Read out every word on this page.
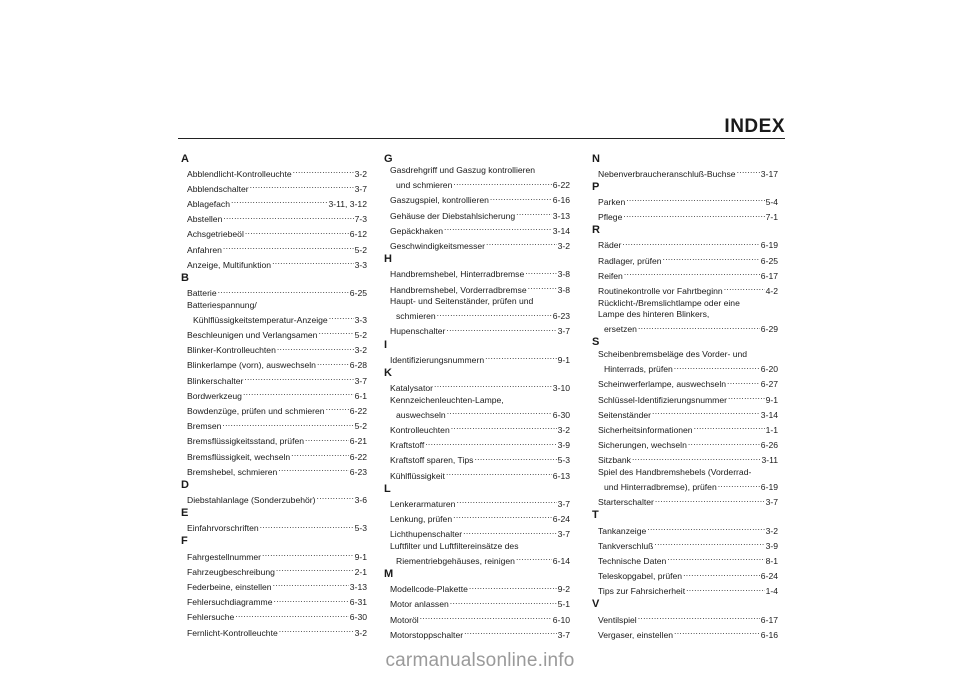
INDEX
A
Abblendlicht-Kontrolleuchte .....	3-2
Abblendschalter .....	3-7
Ablagefach .....	3-11, 3-12
Abstellen .....	7-3
Achsgetriebeöl .....	6-12
Anfahren .....	5-2
Anzeige, Multifunktion .....	3-3
B
Batterie .....	6-25
Batteriespannung/
Kühlflüssigkeitstemperatur-Anzeige .....	3-3
Beschleunigen und Verlangsamen .....	5-2
Blinker-Kontrolleuchten .....	3-2
Blinkerlampe (vorn), auswechseln .....	6-28
Blinkerschalter .....	3-7
Bordwerkzeug .....	6-1
Bowdenzüge, prüfen und schmieren .....	6-22
Bremsen .....	5-2
Bremsflüssigkeitsstand, prüfen .....	6-21
Bremsflüssigkeit, wechseln .....	6-22
Bremshebel, schmieren .....	6-23
D
Diebstahlanlage (Sonderzubehör) .....	3-6
E
Einfahrvorschriften .....	5-3
F
Fahrgestellnummer .....	9-1
Fahrzeugbeschreibung .....	2-1
Federbeine, einstellen .....	3-13
Fehlersuchdiagramme .....	6-31
Fehlersuche .....	6-30
Fernlicht-Kontrolleuchte .....	3-2
G
Gasdrehgriff und Gaszug kontrollieren
und schmieren .....	6-22
Gaszugspiel, kontrollieren .....	6-16
Gehäuse der Diebstahlsicherung .....	3-13
Gepäckhaken .....	3-14
Geschwindigkeitsmesser .....	3-2
H
Handbremshebel, Hinterradbremse .....	3-8
Handbremshebel, Vorderradbremse .....	3-8
Haupt- und Seitenständer, prüfen und
schmieren .....	6-23
Hupenschalter .....	3-7
I
Identifizierungsnummern .....	9-1
K
Katalysator .....	3-10
Kennzeichenleuchten-Lampe,
auswechseln .....	6-30
Kontrolleuchten .....	3-2
Kraftstoff .....	3-9
Kraftstoff sparen, Tips .....	5-3
Kühlflüssigkeit .....	6-13
L
Lenkerarmaturen .....	3-7
Lenkung, prüfen .....	6-24
Lichthupenschalter .....	3-7
Luftfilter und Luftfiltereinsätze des
Riementriebgehäuses, reinigen .....	6-14
M
Modellcode-Plakette .....	9-2
Motor anlassen .....	5-1
Motoröl .....	6-10
Motorstoppschalter .....	3-7
N
Nebenverbraucheranschluß-Buchse .....	3-17
P
Parken .....	5-4
Pflege .....	7-1
R
Räder .....	6-19
Radlager, prüfen .....	6-25
Reifen .....	6-17
Routinekontrolle vor Fahrtbeginn .....	4-2
Rücklicht-/Bremslichtlampe oder eine
Lampe des hinteren Blinkers,
ersetzen .....	6-29
S
Scheibenbremsbeläge des Vorder- und
Hinterrads, prüfen .....	6-20
Scheinwerferlampe, auswechseln .....	6-27
Schlüssel-Identifizierungsnummer .....	9-1
Seitenständer .....	3-14
Sicherheitsinformationen .....	1-1
Sicherungen, wechseln .....	6-26
Sitzbank .....	3-11
Spiel des Handbremshebels (Vorderrad-
und Hinterradbremse), prüfen .....	6-19
Starterschalter .....	3-7
T
Tankanzeige .....	3-2
Tankverschluß .....	3-9
Technische Daten .....	8-1
Teleskopgabel, prüfen .....	6-24
Tips zur Fahrsicherheit .....	1-4
V
Ventilspiel .....	6-17
Vergaser, einstellen .....	6-16
carmanualsonline.info
